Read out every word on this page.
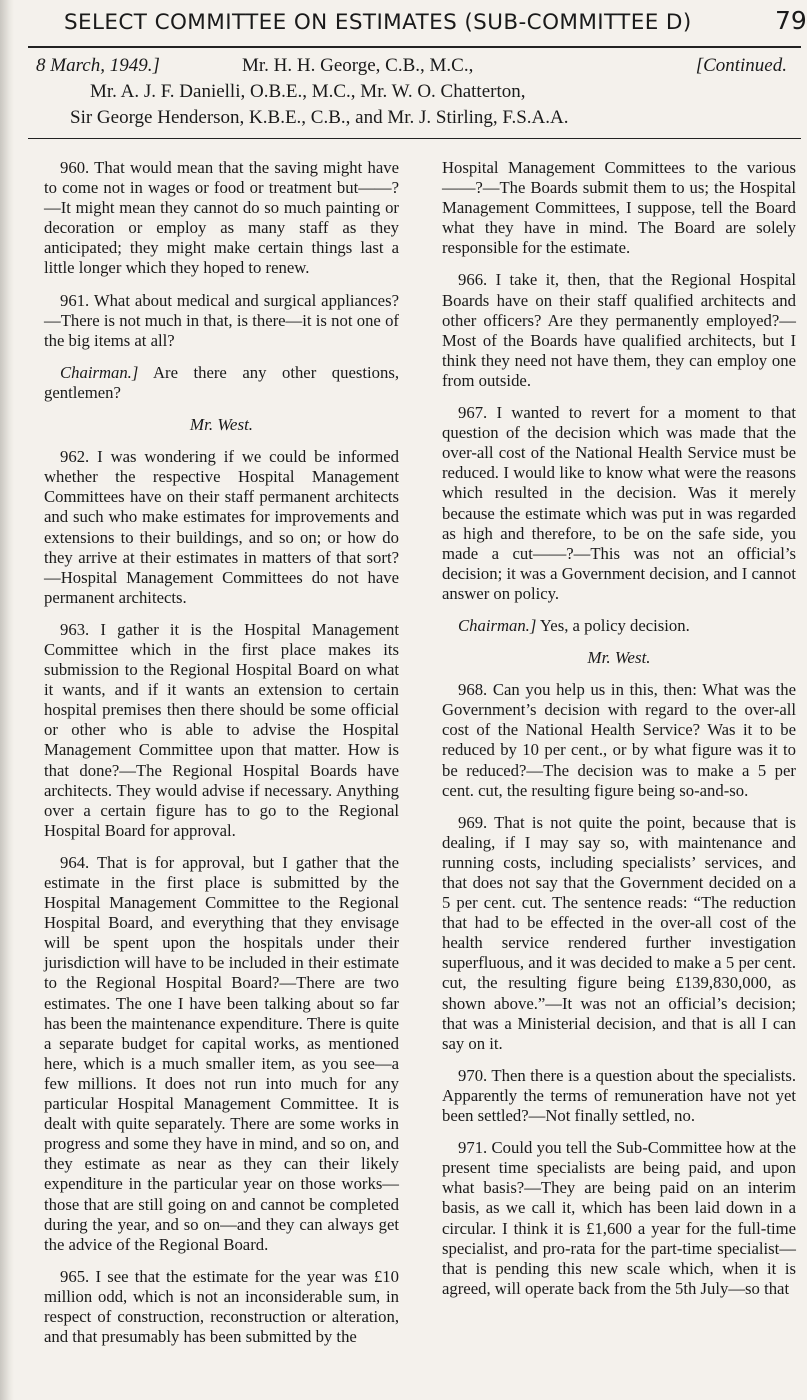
SELECT COMMITTEE ON ESTIMATES (SUB-COMMITTEE D)	79
8 March, 1949.]	Mr. H. H. George, C.B., M.C.,	[Continued.
Mr. A. J. F. Danielli, O.B.E., M.C., Mr. W. O. Chatterton,
Sir George Henderson, K.B.E., C.B., and Mr. J. Stirling, F.S.A.A.

960. That would mean that the saving might have to come not in wages or food or treatment but——?—It might mean they cannot do so much painting or decoration or employ as many staff as they anticipated; they might make certain things last a little longer which they hoped to renew.

961. What about medical and surgical appliances?—There is not much in that, is there—it is not one of the big items at all?

Chairman.] Are there any other questions, gentlemen?

Mr. West.

962. I was wondering if we could be informed whether the respective Hospital Management Committees have on their staff permanent architects and such who make estimates for improvements and extensions to their buildings, and so on; or how do they arrive at their estimates in matters of that sort?—Hospital Management Committees do not have permanent architects.

963. I gather it is the Hospital Management Committee which in the first place makes its submission to the Regional Hospital Board on what it wants, and if it wants an extension to certain hospital premises then there should be some official or other who is able to advise the Hospital Management Committee upon that matter. How is that done?—The Regional Hospital Boards have architects. They would advise if necessary. Anything over a certain figure has to go to the Regional Hospital Board for approval.

964. That is for approval, but I gather that the estimate in the first place is submitted by the Hospital Management Committee to the Regional Hospital Board, and everything that they envisage will be spent upon the hospitals under their jurisdiction will have to be included in their estimate to the Regional Hospital Board?—There are two estimates. The one I have been talking about so far has been the maintenance expenditure. There is quite a separate budget for capital works, as mentioned here, which is a much smaller item, as you see—a few millions. It does not run into much for any particular Hospital Management Committee. It is dealt with quite separately. There are some works in progress and some they have in mind, and so on, and they estimate as near as they can their likely expenditure in the particular year on those works—those that are still going on and cannot be completed during the year, and so on—and they can always get the advice of the Regional Board.

965. I see that the estimate for the year was £10 million odd, which is not an inconsiderable sum, in respect of construction, reconstruction or alteration, and that presumably has been submitted by the

Hospital Management Committees to the various——?—The Boards submit them to us; the Hospital Management Committees, I suppose, tell the Board what they have in mind. The Board are solely responsible for the estimate.

966. I take it, then, that the Regional Hospital Boards have on their staff qualified architects and other officers? Are they permanently employed?—Most of the Boards have qualified architects, but I think they need not have them, they can employ one from outside.

967. I wanted to revert for a moment to that question of the decision which was made that the over-all cost of the National Health Service must be reduced. I would like to know what were the reasons which resulted in the decision. Was it merely because the estimate which was put in was regarded as high and therefore, to be on the safe side, you made a cut——?—This was not an official’s decision; it was a Government decision, and I cannot answer on policy.

Chairman.] Yes, a policy decision.

Mr. West.

968. Can you help us in this, then: What was the Government’s decision with regard to the over-all cost of the National Health Service? Was it to be reduced by 10 per cent., or by what figure was it to be reduced?—The decision was to make a 5 per cent. cut, the resulting figure being so-and-so.

969. That is not quite the point, because that is dealing, if I may say so, with maintenance and running costs, including specialists’ services, and that does not say that the Government decided on a 5 per cent. cut. The sentence reads: “The reduction that had to be effected in the over-all cost of the health service rendered further investigation superfluous, and it was decided to make a 5 per cent. cut, the resulting figure being £139,830,000, as shown above.”—It was not an official’s decision; that was a Ministerial decision, and that is all I can say on it.

970. Then there is a question about the specialists. Apparently the terms of remuneration have not yet been settled?—Not finally settled, no.

971. Could you tell the Sub-Committee how at the present time specialists are being paid, and upon what basis?—They are being paid on an interim basis, as we call it, which has been laid down in a circular. I think it is £1,600 a year for the full-time specialist, and pro-rata for the part-time specialist—that is pending this new scale which, when it is agreed, will operate back from the 5th July—so that
